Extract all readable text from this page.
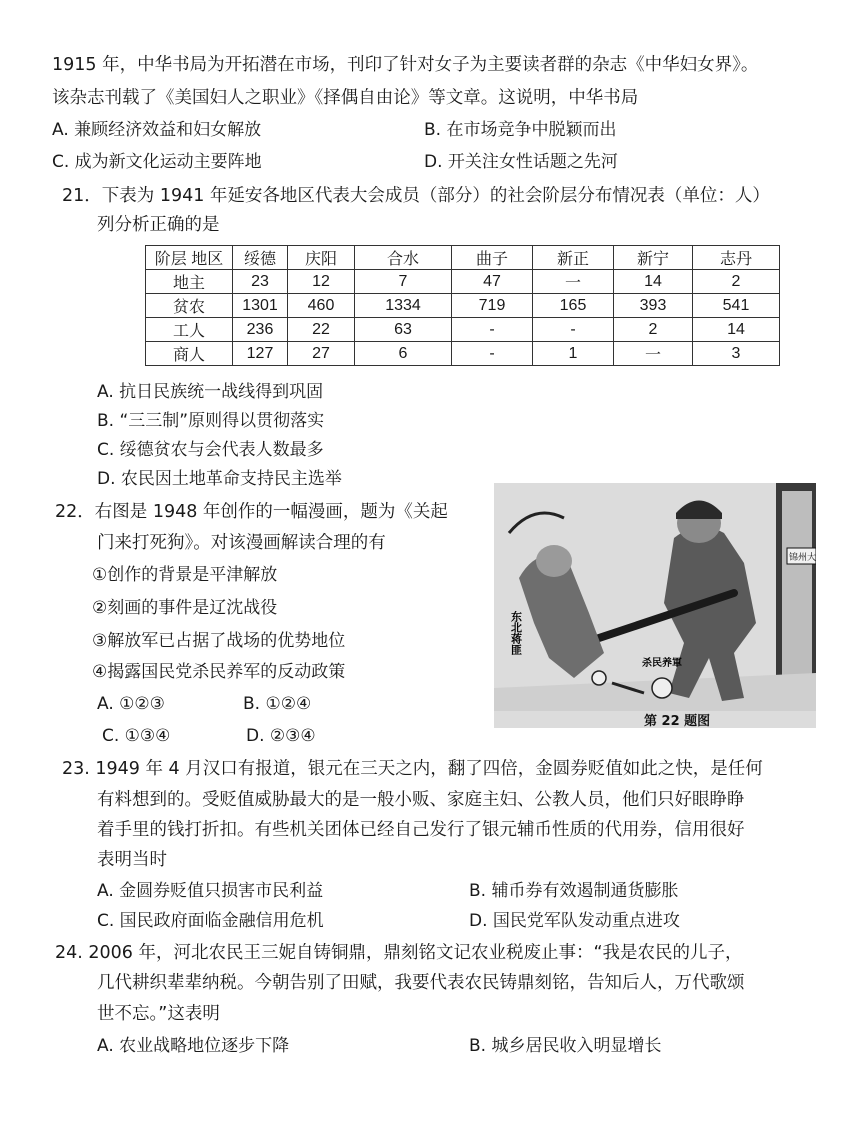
1915 年，中华书局为开拓潜在市场，刊印了针对女子为主要读者群的杂志《中华妇女界》。
该杂志刊载了《美国妇人之职业》《择偶自由论》等文章。这说明，中华书局
A. 兼顾经济效益和妇女解放	B. 在市场竞争中脱颖而出
C. 成为新文化运动主要阵地	D. 开关注女性话题之先河
21．下表为 1941 年延安各地区代表大会成员（部分）的社会阶层分布情况表（单位：人）
列分析正确的是
阶层 地区	绥德	庆阳	合水	曲子	新正	新宁	志丹
地主	23	12	7	47	一	14	2
贫农	1301	460	1334	719	165	393	541
工人	236	22	63	-	-	2	14
商人	127	27	6	-	1	一	3
A. 抗日民族统一战线得到巩固
B. “三三制”原则得以贯彻落实
C. 绥德贫农与会代表人数最多
D. 农民因土地革命支持民主选举
22．右图是 1948 年创作的一幅漫画，题为《关起
门来打死狗》。对该漫画解读合理的有
①创作的背景是平津解放
②刻画的事件是辽沈战役
③解放军已占据了战场的优势地位
④揭露国民党杀民养军的反动政策
A. ①②③	B. ①②④
C. ①③④	D. ②③④
锦州大
东北蒋匪
杀民养軍
第 22 题图
23. 1949 年 4 月汉口有报道，银元在三天之内，翻了四倍，金圆券贬值如此之快，是任何
有料想到的。受贬值威胁最大的是一般小贩、家庭主妇、公教人员，他们只好眼睁睁
着手里的钱打折扣。有些机关团体已经自己发行了银元辅币性质的代用券，信用很好
表明当时
A. 金圆券贬值只损害市民利益	B. 辅币券有效遏制通货膨胀
C. 国民政府面临金融信用危机	D. 国民党军队发动重点进攻
24. 2006 年，河北农民王三妮自铸铜鼎，鼎刻铭文记农业税废止事：“我是农民的儿子，
几代耕织辈辈纳税。今朝告别了田赋，我要代表农民铸鼎刻铭，告知后人，万代歌颂
世不忘。”这表明
A. 农业战略地位逐步下降	B. 城乡居民收入明显增长
